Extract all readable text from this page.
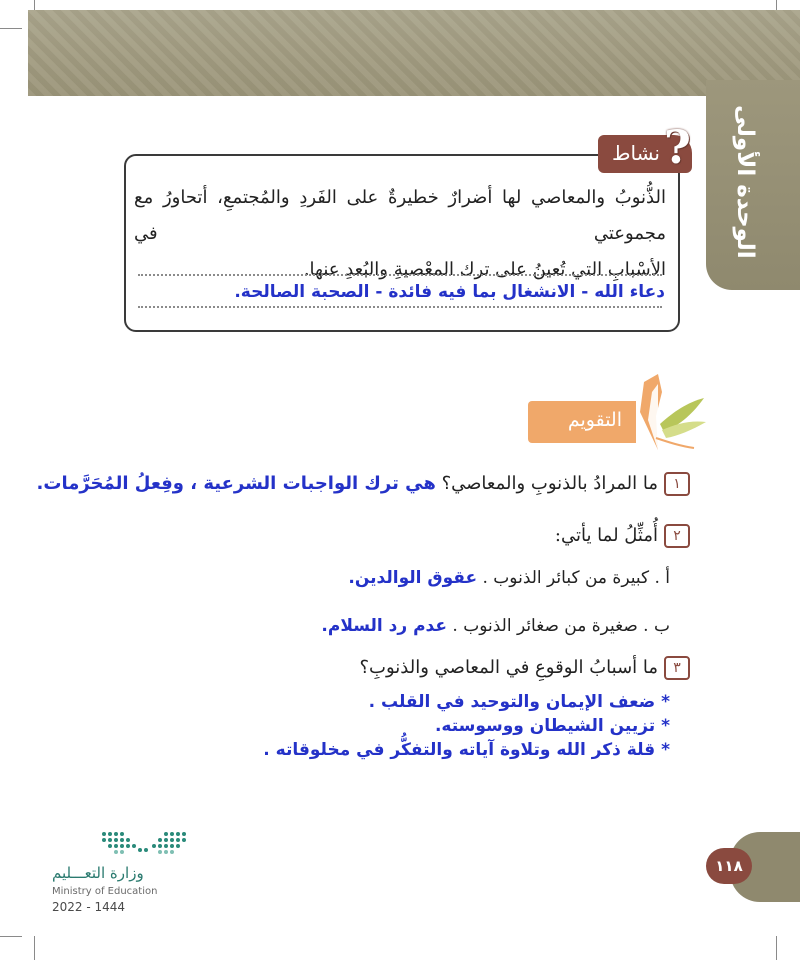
الوحدة الأولى
نشاط ?
الذُّنوبُ والمعاصي لها أضرارٌ خطيرةٌ على الفَردِ والمُجتمعِ، أتحاورُ مع مجموعتي في
الأسْبابِ التي تُعينُ على ترك المعْصيةِ والبُعدِ عنها.
دعاء الله - الانشغال بما فيه فائدة - الصحبة الصالحة.
التقويم
١ما المرادُ بالذنوبِ والمعاصي؟ هي ترك الواجبات الشرعية ، وفِعلُ المُحَرَّمات.
٢أُمثِّلُ لما يأتي:
أ . كبيرة من كبائر الذنوب . عقوق الوالدين.
ب . صغيرة من صغائر الذنوب . عدم رد السلام.
٣ما أسبابُ الوقوعِ في المعاصي والذنوبِ؟
* ضعف الإيمان والتوحيد في القلب .
* تزيين الشيطان ووسوسته.
* قلة ذكر الله وتلاوة آياته والتفكُّر في مخلوقاته .
١١٨
وزارة التعـــليم
Ministry of Education
2022 - 1444
